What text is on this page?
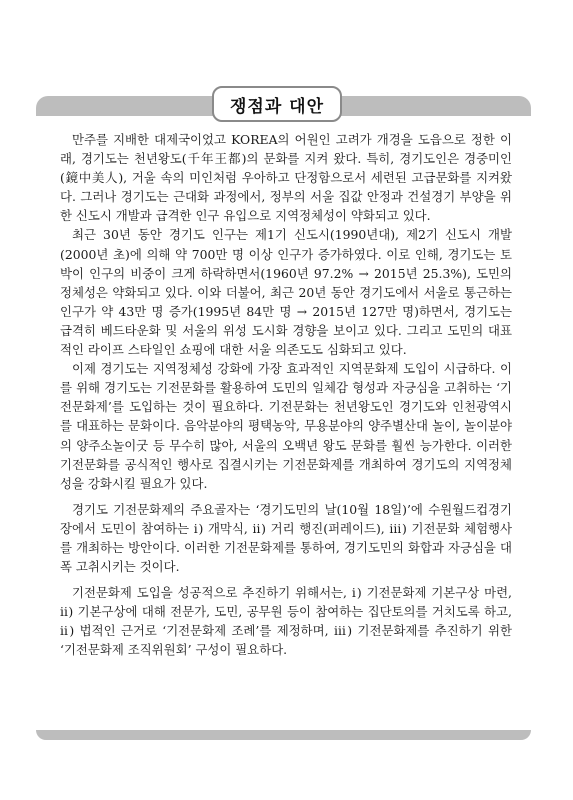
쟁점과 대안

만주를 지배한 대제국이었고 KOREA의 어원인 고려가 개경을 도읍으로 정한 이래, 경기도는 천년왕도(千年王都)의 문화를 지켜 왔다. 특히, 경기도인은 경중미인(鏡中美人), 거울 속의 미인처럼 우아하고 단정함으로서 세련된 고급문화를 지켜왔다. 그러나 경기도는 근대화 과정에서, 정부의 서울 집값 안정과 건설경기 부양을 위한 신도시 개발과 급격한 인구 유입으로 지역정체성이 약화되고 있다.

최근 30년 동안 경기도 인구는 제1기 신도시(1990년대), 제2기 신도시 개발(2000년 초)에 의해 약 700만 명 이상 인구가 증가하였다. 이로 인해, 경기도는 토박이 인구의 비중이 크게 하락하면서(1960년 97.2% → 2015년 25.3%), 도민의 정체성은 약화되고 있다. 이와 더불어, 최근 20년 동안 경기도에서 서울로 통근하는 인구가 약 43만 명 증가(1995년 84만 명 → 2015년 127만 명)하면서, 경기도는 급격히 베드타운화 및 서울의 위성 도시화 경향을 보이고 있다. 그리고 도민의 대표적인 라이프 스타일인 쇼핑에 대한 서울 의존도도 심화되고 있다.

이제 경기도는 지역정체성 강화에 가장 효과적인 지역문화제 도입이 시급하다. 이를 위해 경기도는 기전문화를 활용하여 도민의 일체감 형성과 자긍심을 고취하는 ‘기전문화제’를 도입하는 것이 필요하다. 기전문화는 천년왕도인 경기도와 인천광역시를 대표하는 문화이다. 음악분야의 평택농악, 무용분야의 양주별산대 놀이, 놀이분야의 양주소놀이굿 등 무수히 많아, 서울의 오백년 왕도 문화를 훨씬 능가한다. 이러한 기전문화를 공식적인 행사로 집결시키는 기전문화제를 개최하여 경기도의 지역정체성을 강화시킬 필요가 있다.

경기도 기전문화제의 주요골자는 ‘경기도민의 날(10월 18일)’에 수원월드컵경기장에서 도민이 참여하는 ⅰ) 개막식, ⅱ) 거리 행진(퍼레이드), ⅲ) 기전문화 체험행사를 개최하는 방안이다. 이러한 기전문화제를 통하여, 경기도민의 화합과 자긍심을 대폭 고취시키는 것이다.

기전문화제 도입을 성공적으로 추진하기 위해서는, ⅰ) 기전문화제 기본구상 마련, ⅱ) 기본구상에 대해 전문가, 도민, 공무원 등이 참여하는 집단토의를 거치도록 하고, ⅱ) 법적인 근거로 ‘기전문화제 조례’를 제정하며, ⅲ) 기전문화제를 추진하기 위한 ‘기전문화제 조직위원회’ 구성이 필요하다.
